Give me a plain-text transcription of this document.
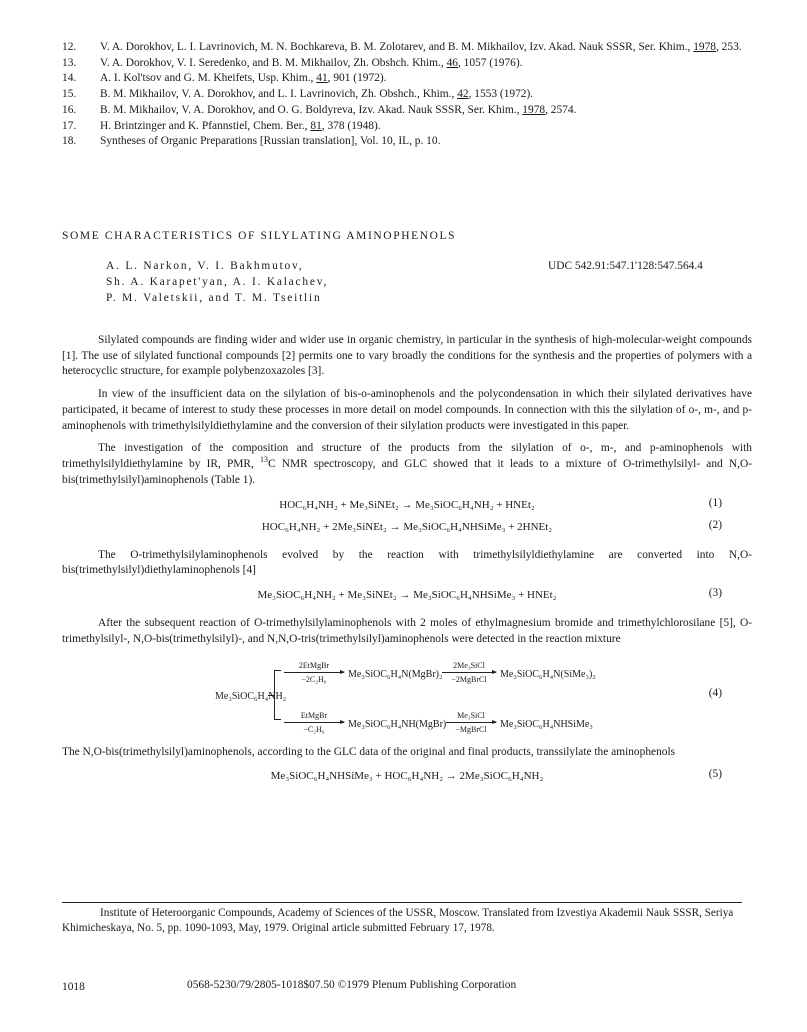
12.	V. A. Dorokhov, L. I. Lavrinovich, M. N. Bochkareva, B. M. Zolotarev, and B. M. Mikhailov, Izv. Akad. Nauk SSSR, Ser. Khim., 1978, 253.
13.	V. A. Dorokhov, V. I. Seredenko, and B. M. Mikhailov, Zh. Obshch. Khim., 46, 1057 (1976).
14.	A. I. Kol'tsov and G. M. Kheifets, Usp. Khim., 41, 901 (1972).
15.	B. M. Mikhailov, V. A. Dorokhov, and L. I. Lavrinovich, Zh. Obshch., Khim., 42, 1553 (1972).
16.	B. M. Mikhailov, V. A. Dorokhov, and O. G. Boldyreva, Izv. Akad. Nauk SSSR, Ser. Khim., 1978, 2574.
17.	H. Brintzinger and K. Pfannstiel, Chem. Ber., 81, 378 (1948).
18.	Syntheses of Organic Preparations [Russian translation], Vol. 10, IL, p. 10.
SOME CHARACTERISTICS OF SILYLATING AMINOPHENOLS
A. L. Narkon, V. I. Bakhmutov,
Sh. A. Karapet'yan, A. I. Kalachev,
P. M. Valetskii, and T. M. Tseitlin
UDC 542.91:547.1'128:547.564.4

Silylated compounds are finding wider and wider use in organic chemistry, in particular in the synthesis of high-molecular-weight compounds [1]. The use of silylated functional compounds [2] permits one to vary broadly the conditions for the synthesis and the properties of polymers with a heterocyclic structure, for example polybenzoxazoles [3].

In view of the insufficient data on the silylation of bis-o-aminophenols and the polycondensation in which their silylated derivatives have participated, it became of interest to study these processes in more detail on model compounds. In connection with this the silylation of o-, m-, and p-aminophenols with trimethylsilyldiethylamine and the conversion of their silylation products were investigated in this paper.

The investigation of the composition and structure of the products from the silylation of o-, m-, and p-aminophenols with trimethylsilyldiethylamine by IR, PMR, $^{13}$C NMR spectroscopy, and GLC showed that it leads to a mixture of O-trimethylsilyl- and N,O-bis(trimethylsilyl)aminophenols (Table 1).

HOC₆H₄NH₂ + Me₃SiNEt₂ → Me₃SiOC₆H₄NH₂ + HNEt₂	(1)
HOC₆H₄NH₂ + 2Me₃SiNEt₂ → Me₃SiOC₆H₄NHSiMe₃ + 2HNEt₂	(2)

The O-trimethylsilylaminophenols evolved by the reaction with trimethylsilyldiethylamine are converted into N,O-bis(trimethylsilyl)diethylaminophenols [4]

Me₃SiOC₆H₄NH₂ + Me₃SiNEt₂ → Me₃SiOC₆H₄NHSiMe₃ + HNEt₂	(3)

After the subsequent reaction of O-trimethylsilylaminophenols with 2 moles of ethylmagnesium bromide and trimethylchlorosilane [5], O-trimethylsilyl-, N,O-bis(trimethylsilyl)-, and N,N,O-tris(trimethylsilyl)aminophenols were detected in the reaction mixture

Me₃SiOC₆H₄NH₂
2EtMgBr
−2C₂H₆	Me₃SiOC₆H₄N(MgBr)₂
2Me₃SiCl
−2MgBrCl	Me₃SiOC₆H₄N(SiMe₃)₂
EtMgBr
−C₂H₆	Me₃SiOC₆H₄NH(MgBr)
Me₃SiCl
−MgBrCl	Me₃SiOC₆H₄NHSiMe₃
(4)

The N,O-bis(trimethylsilyl)aminophenols, according to the GLC data of the original and final products, transsilylate the aminophenols

Me₃SiOC₆H₄NHSiMe₃ + HOC₆H₄NH₂ → 2Me₃SiOC₆H₄NH₂	(5)
Institute of Heteroorganic Compounds, Academy of Sciences of the USSR, Moscow. Translated from Izvestiya Akademii Nauk SSSR, Seriya Khimicheskaya, No. 5, pp. 1090-1093, May, 1979. Original article submitted February 17, 1978.
1018	0568-5230/79/2805-1018$07.50 ©1979 Plenum Publishing Corporation
